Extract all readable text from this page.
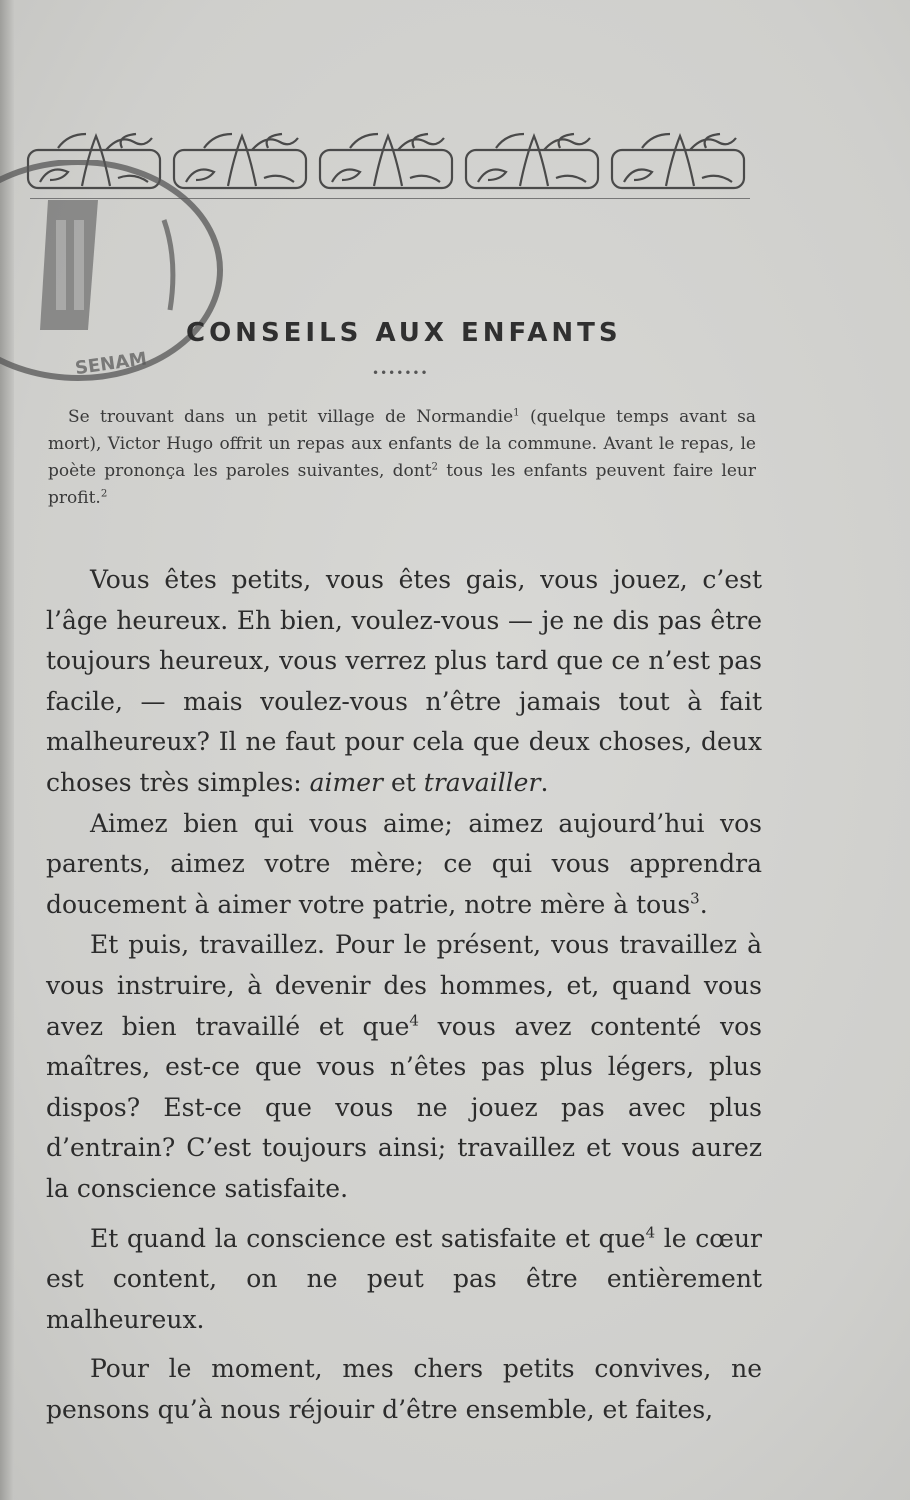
SENAM
CONSEILS AUX ENFANTS
•••••••

Se trouvant dans un petit village de Normandie$^1$ (quelque temps avant sa mort), Victor Hugo offrit un repas aux enfants de la commune. Avant le repas, le poète prononça les paroles suivantes, dont$^2$ tous les enfants peuvent faire leur profit.$^2$

Vous êtes petits, vous êtes gais, vous jouez, c’est l’âge heureux. Eh bien, voulez-vous — je ne dis pas être toujours heureux, vous verrez plus tard que ce n’est pas facile, — mais voulez-vous n’être jamais tout à fait malheureux? Il ne faut pour cela que deux choses, deux choses très simples: aimer et travailler.

Aimez bien qui vous aime; aimez aujourd’hui vos parents, aimez votre mère; ce qui vous apprendra doucement à aimer votre patrie, notre mère à tous$^3$.

Et puis, travaillez. Pour le présent, vous travaillez à vous instruire, à devenir des hommes, et, quand vous avez bien travaillé et que$^4$ vous avez contenté vos maîtres, est-ce que vous n’êtes pas plus légers, plus dispos? Est-ce que vous ne jouez pas avec plus d’entrain? C’est toujours ainsi; travaillez et vous aurez la conscience satisfaite.

Et quand la conscience est satisfaite et que$^4$ le cœur est content, on ne peut pas être entièrement malheureux.

Pour le moment, mes chers petits convives, ne pensons qu’à nous réjouir d’être ensemble, et faites,
